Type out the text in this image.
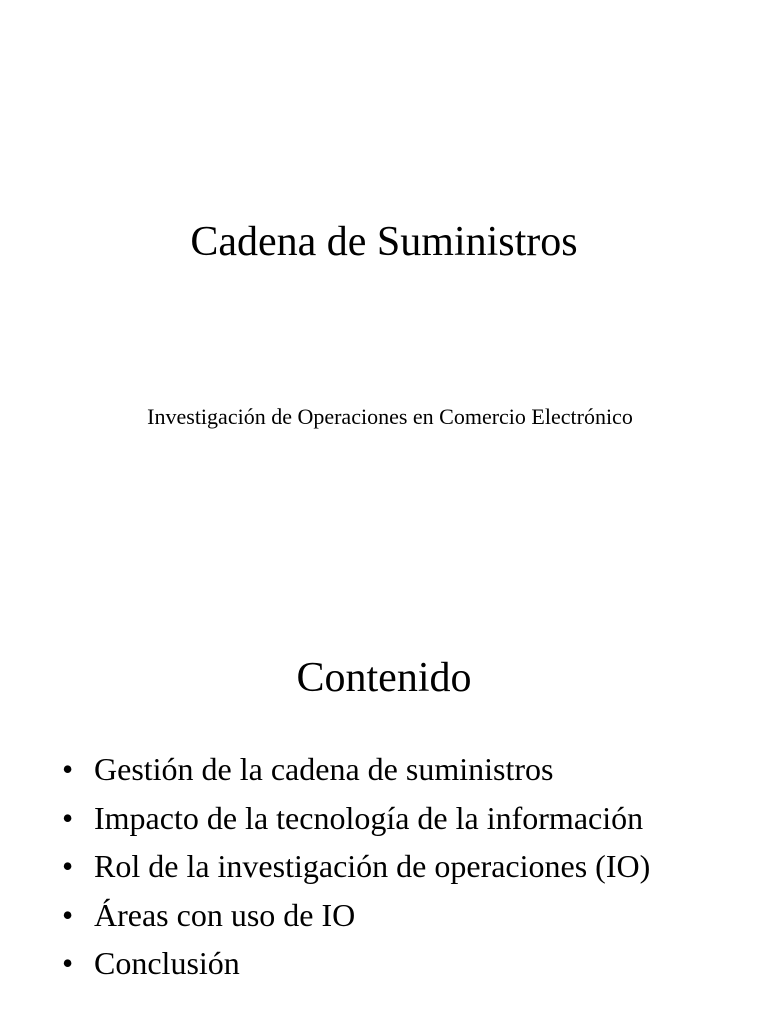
Cadena de Suministros

Investigación de Operaciones en Comercio Electrónico

Contenido
• Gestión de la cadena de suministros
• Impacto de la tecnología de la información
• Rol de la investigación de operaciones (IO)
• Áreas con uso de IO
• Conclusión
